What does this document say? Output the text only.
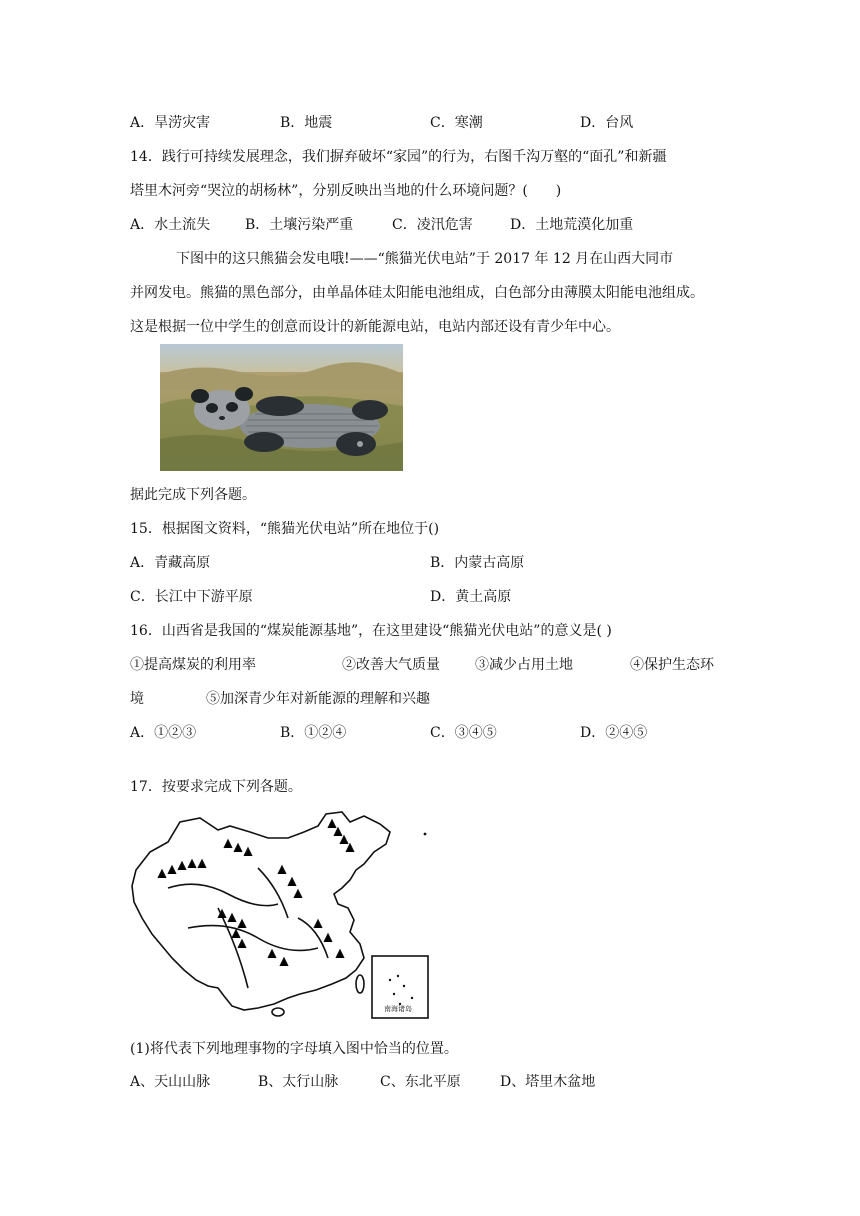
A．旱涝灾害	B．地震	C．寒潮	D．台风
14．践行可持续发展理念，我们摒弃破坏“家园”的行为，右图千沟万壑的“面孔”和新疆
塔里木河旁“哭泣的胡杨林”，分别反映出当地的什么环境问题？(　　)
A．水土流失 B．土壤污染严重	C．凌汛危害	D．土地荒漠化加重
下图中的这只熊猫会发电哦!——“熊猫光伏电站”于 2017 年 12 月在山西大同市
并网发电。熊猫的黑色部分，由单晶体硅太阳能电池组成，白色部分由薄膜太阳能电池组成。
这是根据一位中学生的创意而设计的新能源电站，电站内部还设有青少年中心。
据此完成下列各题。
15．根据图文资料，“熊猫光伏电站”所在地位于()
A．青藏高原	B．内蒙古高原
C．长江中下游平原	D．黄土高原
16．山西省是我国的“煤炭能源基地”，在这里建设“熊猫光伏电站”的意义是( )
①提高煤炭的利用率	②改善大气质量	③减少占用土地	④保护生态环
境	⑤加深青少年对新能源的理解和兴趣
A．①②③	B．①②④	C．③④⑤	D．②④⑤
17．按要求完成下列各题。
南海诸岛
(1)将代表下列地理事物的字母填入图中恰当的位置。
A、天山山脉	B、太行山脉	C、东北平原	D、塔里木盆地
